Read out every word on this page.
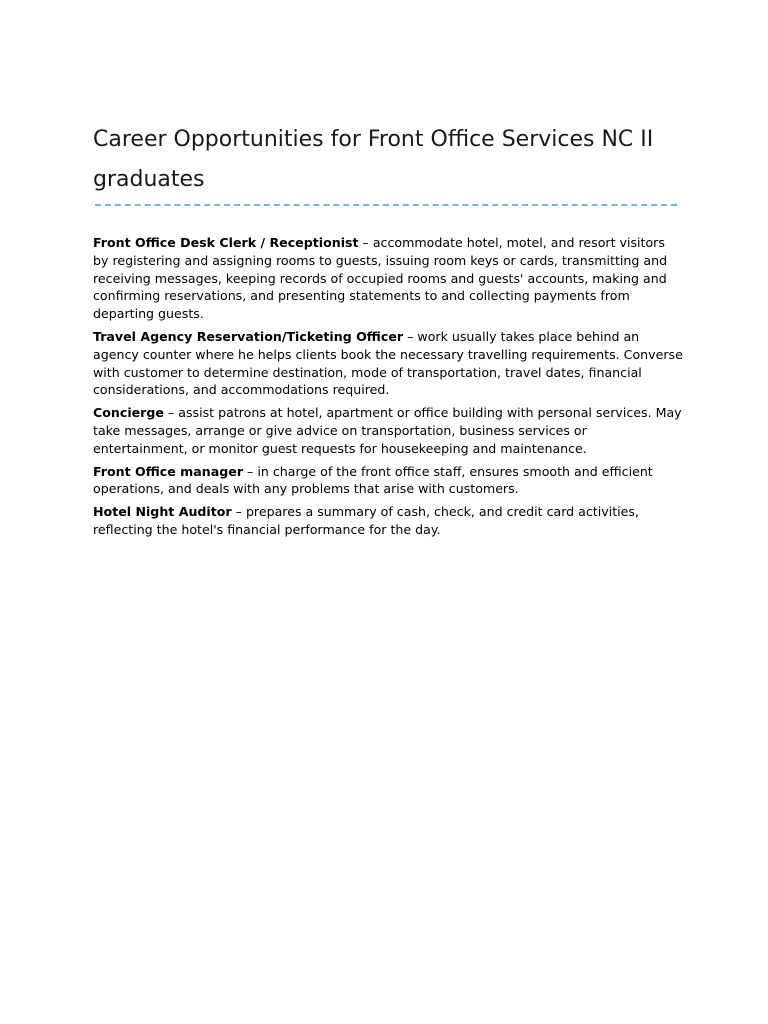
Career Opportunities for Front Office Services NC II graduates

Front Office Desk Clerk / Receptionist – accommodate hotel, motel, and resort visitors by registering and assigning rooms to guests, issuing room keys or cards, transmitting and receiving messages, keeping records of occupied rooms and guests' accounts, making and confirming reservations, and presenting statements to and collecting payments from departing guests.

Travel Agency Reservation/Ticketing Officer – work usually takes place behind an agency counter where he helps clients book the necessary travelling requirements. Converse with customer to determine destination, mode of transportation, travel dates, financial considerations, and accommodations required.

Concierge – assist patrons at hotel, apartment or office building with personal services. May take messages, arrange or give advice on transportation, business services or entertainment, or monitor guest requests for housekeeping and maintenance.

Front Office manager – in charge of the front office staff, ensures smooth and efficient operations, and deals with any problems that arise with customers.

Hotel Night Auditor – prepares a summary of cash, check, and credit card activities, reflecting the hotel's financial performance for the day.
